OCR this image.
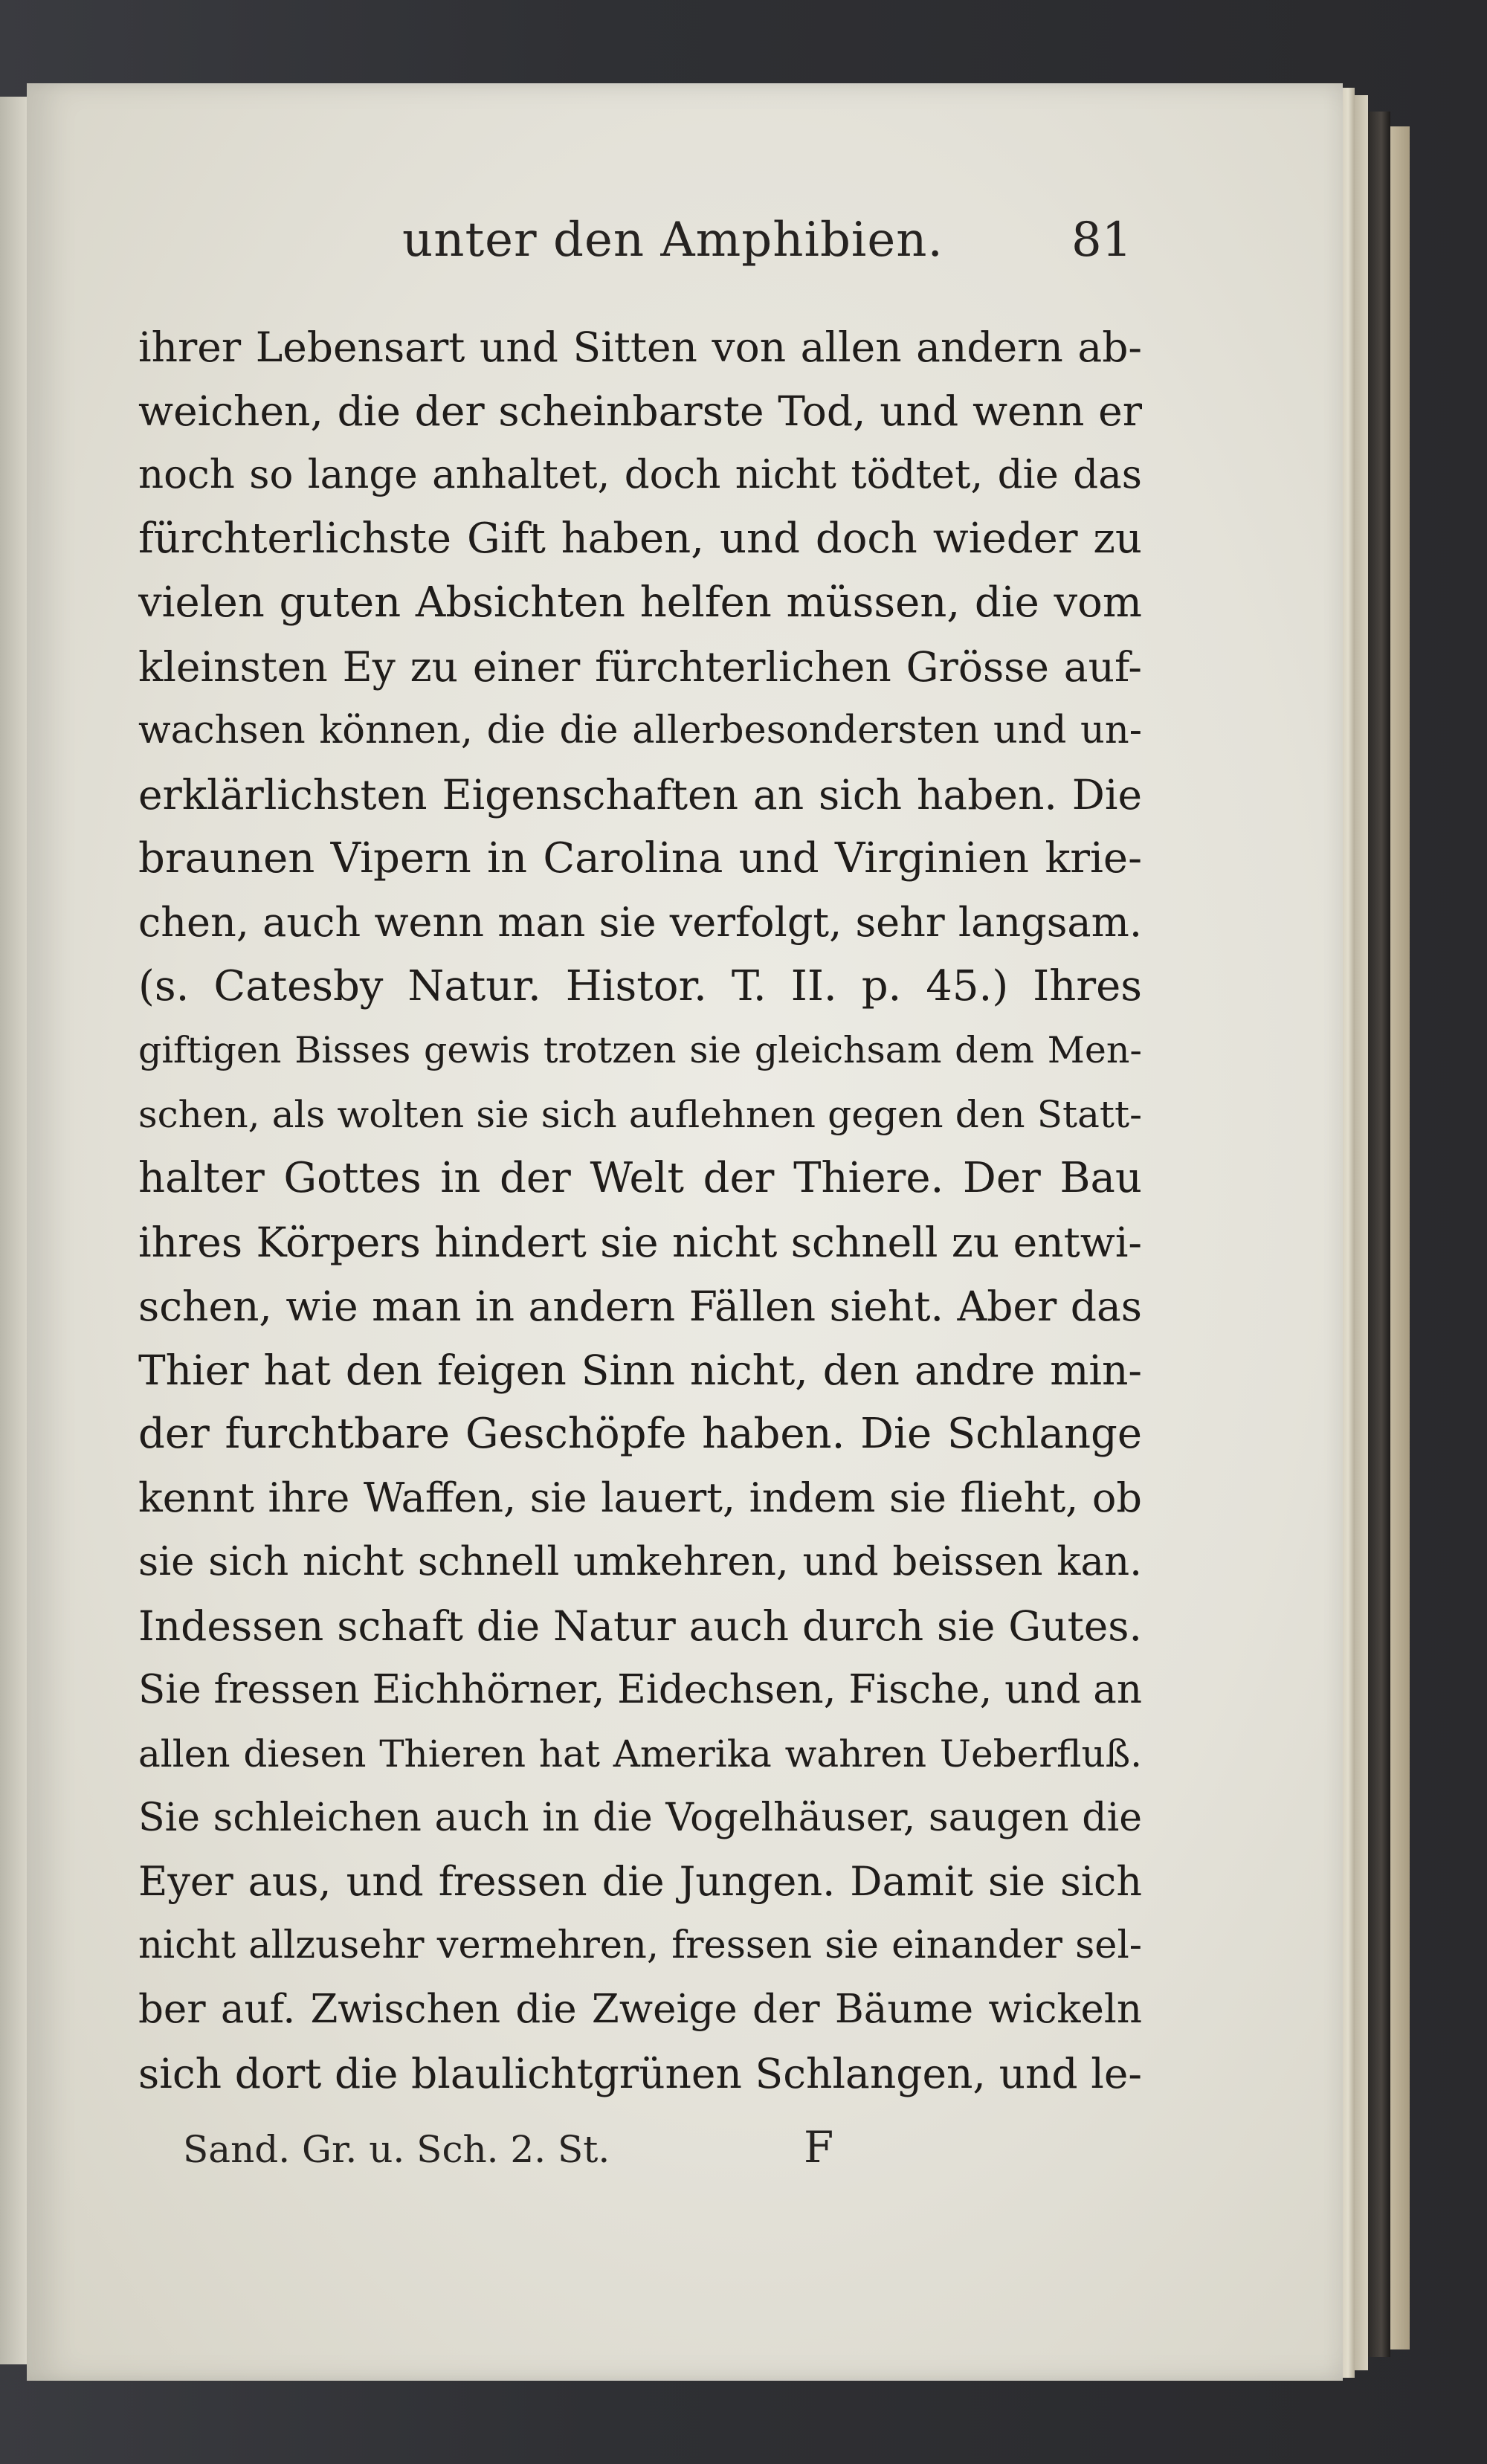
unter den Amphibien.	81
ihrer Lebensart und Sitten von allen andern ab-
weichen, die der scheinbarste Tod, und wenn er
noch so lange anhaltet, doch nicht tödtet, die das
fürchterlichste Gift haben, und doch wieder zu
vielen guten Absichten helfen müssen, die vom
kleinsten Ey zu einer fürchterlichen Grösse auf-
wachsen können, die die allerbesondersten und un-
erklärlichsten Eigenschaften an sich haben. Die
braunen Vipern in Carolina und Virginien krie-
chen, auch wenn man sie verfolgt, sehr langsam.
(s. Catesby Natur. Histor. T. II. p. 45.) Ihres
giftigen Bisses gewis trotzen sie gleichsam dem Men-
schen, als wolten sie sich auflehnen gegen den Statt-
halter Gottes in der Welt der Thiere. Der Bau
ihres Körpers hindert sie nicht schnell zu entwi-
schen, wie man in andern Fällen sieht. Aber das
Thier hat den feigen Sinn nicht, den andre min-
der furchtbare Geschöpfe haben. Die Schlange
kennt ihre Waffen, sie lauert, indem sie flieht, ob
sie sich nicht schnell umkehren, und beissen kan.
Indessen schaft die Natur auch durch sie Gutes.
Sie fressen Eichhörner, Eidechsen, Fische, und an
allen diesen Thieren hat Amerika wahren Ueberfluß.
Sie schleichen auch in die Vogelhäuser, saugen die
Eyer aus, und fressen die Jungen. Damit sie sich
nicht allzusehr vermehren, fressen sie einander sel-
ber auf. Zwischen die Zweige der Bäume wickeln
sich dort die blaulichtgrünen Schlangen, und le-
Sand. Gr. u. Sch. 2. St.	F
